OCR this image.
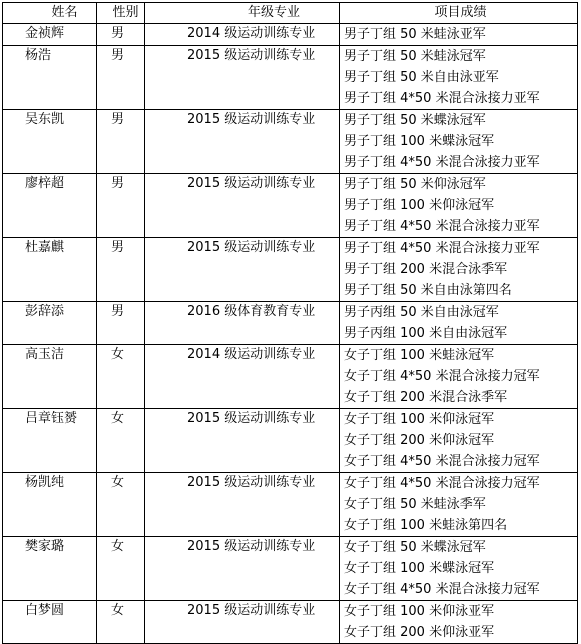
姓名	性别	年级专业	项目成绩
金祯辉	男	2014 级运动训练专业	男子丁组 50 米蛙泳亚军

杨浩	男	2015 级运动训练专业	男子丁组 50 米蛙泳冠军
男子丁组 50 米自由泳亚军
男子丁组 4*50 米混合泳接力亚军

吴东凯	男	2015 级运动训练专业	男子丁组 50 米蝶泳冠军
男子丁组 100 米蝶泳冠军
男子丁组 4*50 米混合泳接力亚军

廖梓超	男	2015 级运动训练专业	男子丁组 50 米仰泳冠军
男子丁组 100 米仰泳冠军
男子丁组 4*50 米混合泳接力亚军

杜嘉麒	男	2015 级运动训练专业	男子丁组 4*50 米混合泳接力亚军
男子丁组 200 米混合泳季军
男子丁组 50 米自由泳第四名

彭辞添	男	2016 级体育教育专业	男子丙组 50 米自由泳冠军
男子丙组 100 米自由泳冠军

高玉洁	女	2014 级运动训练专业	女子丁组 100 米蛙泳冠军
女子丁组 4*50 米混合泳接力冠军
女子丁组 200 米混合泳季军

吕章钰赟	女	2015 级运动训练专业	女子丁组 100 米仰泳冠军
女子丁组 200 米仰泳冠军
女子丁组 4*50 米混合泳接力冠军

杨凯纯	女	2015 级运动训练专业	女子丁组 4*50 米混合泳接力冠军
女子丁组 50 米蛙泳季军
女子丁组 100 米蛙泳第四名

樊家璐	女	2015 级运动训练专业	女子丁组 50 米蝶泳冠军
女子丁组 100 米蝶泳冠军
女子丁组 4*50 米混合泳接力冠军

白梦圆	女	2015 级运动训练专业	女子丁组 100 米仰泳亚军
女子丁组 200 米仰泳亚军
